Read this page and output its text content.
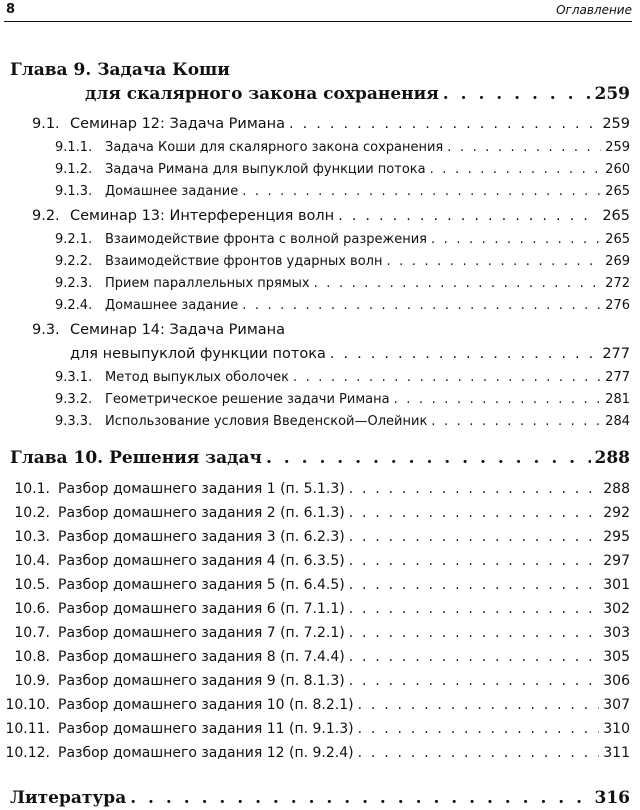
8	Оглавление
Глава 9. Задача Коши
для скалярного закона сохранения . . .	259
9.1. Семинар 12: Задача Римана . . .	259
9.1.1. Задача Коши для скалярного закона сохранения . . .	259
9.1.2. Задача Римана для выпуклой функции потока . . .	260
9.1.3. Домашнее задание . . .	265
9.2. Семинар 13: Интерференция волн . . .	265
9.2.1. Взаимодействие фронта с волной разрежения . . .	265
9.2.2. Взаимодействие фронтов ударных волн . . .	269
9.2.3. Прием параллельных прямых . . .	272
9.2.4. Домашнее задание . . .	276
9.3. Семинар 14: Задача Римана
для невыпуклой функции потока . . .	277
9.3.1. Метод выпуклых оболочек . . .	277
9.3.2. Геометрическое решение задачи Римана . . .	281
9.3.3. Использование условия Введенской—Олейник . . .	284
Глава 10. Решения задач . . .	288
10.1. Разбор домашнего задания 1 (п. 5.1.3) . . .	288
10.2. Разбор домашнего задания 2 (п. 6.1.3) . . .	292
10.3. Разбор домашнего задания 3 (п. 6.2.3) . . .	295
10.4. Разбор домашнего задания 4 (п. 6.3.5) . . .	297
10.5. Разбор домашнего задания 5 (п. 6.4.5) . . .	301
10.6. Разбор домашнего задания 6 (п. 7.1.1) . . .	302
10.7. Разбор домашнего задания 7 (п. 7.2.1) . . .	303
10.8. Разбор домашнего задания 8 (п. 7.4.4) . . .	305
10.9. Разбор домашнего задания 9 (п. 8.1.3) . . .	306
10.10. Разбор домашнего задания 10 (п. 8.2.1) . . .	307
10.11. Разбор домашнего задания 11 (п. 9.1.3) . . .	310
10.12. Разбор домашнего задания 12 (п. 9.2.4) . . .	311
Литература . . .	316
